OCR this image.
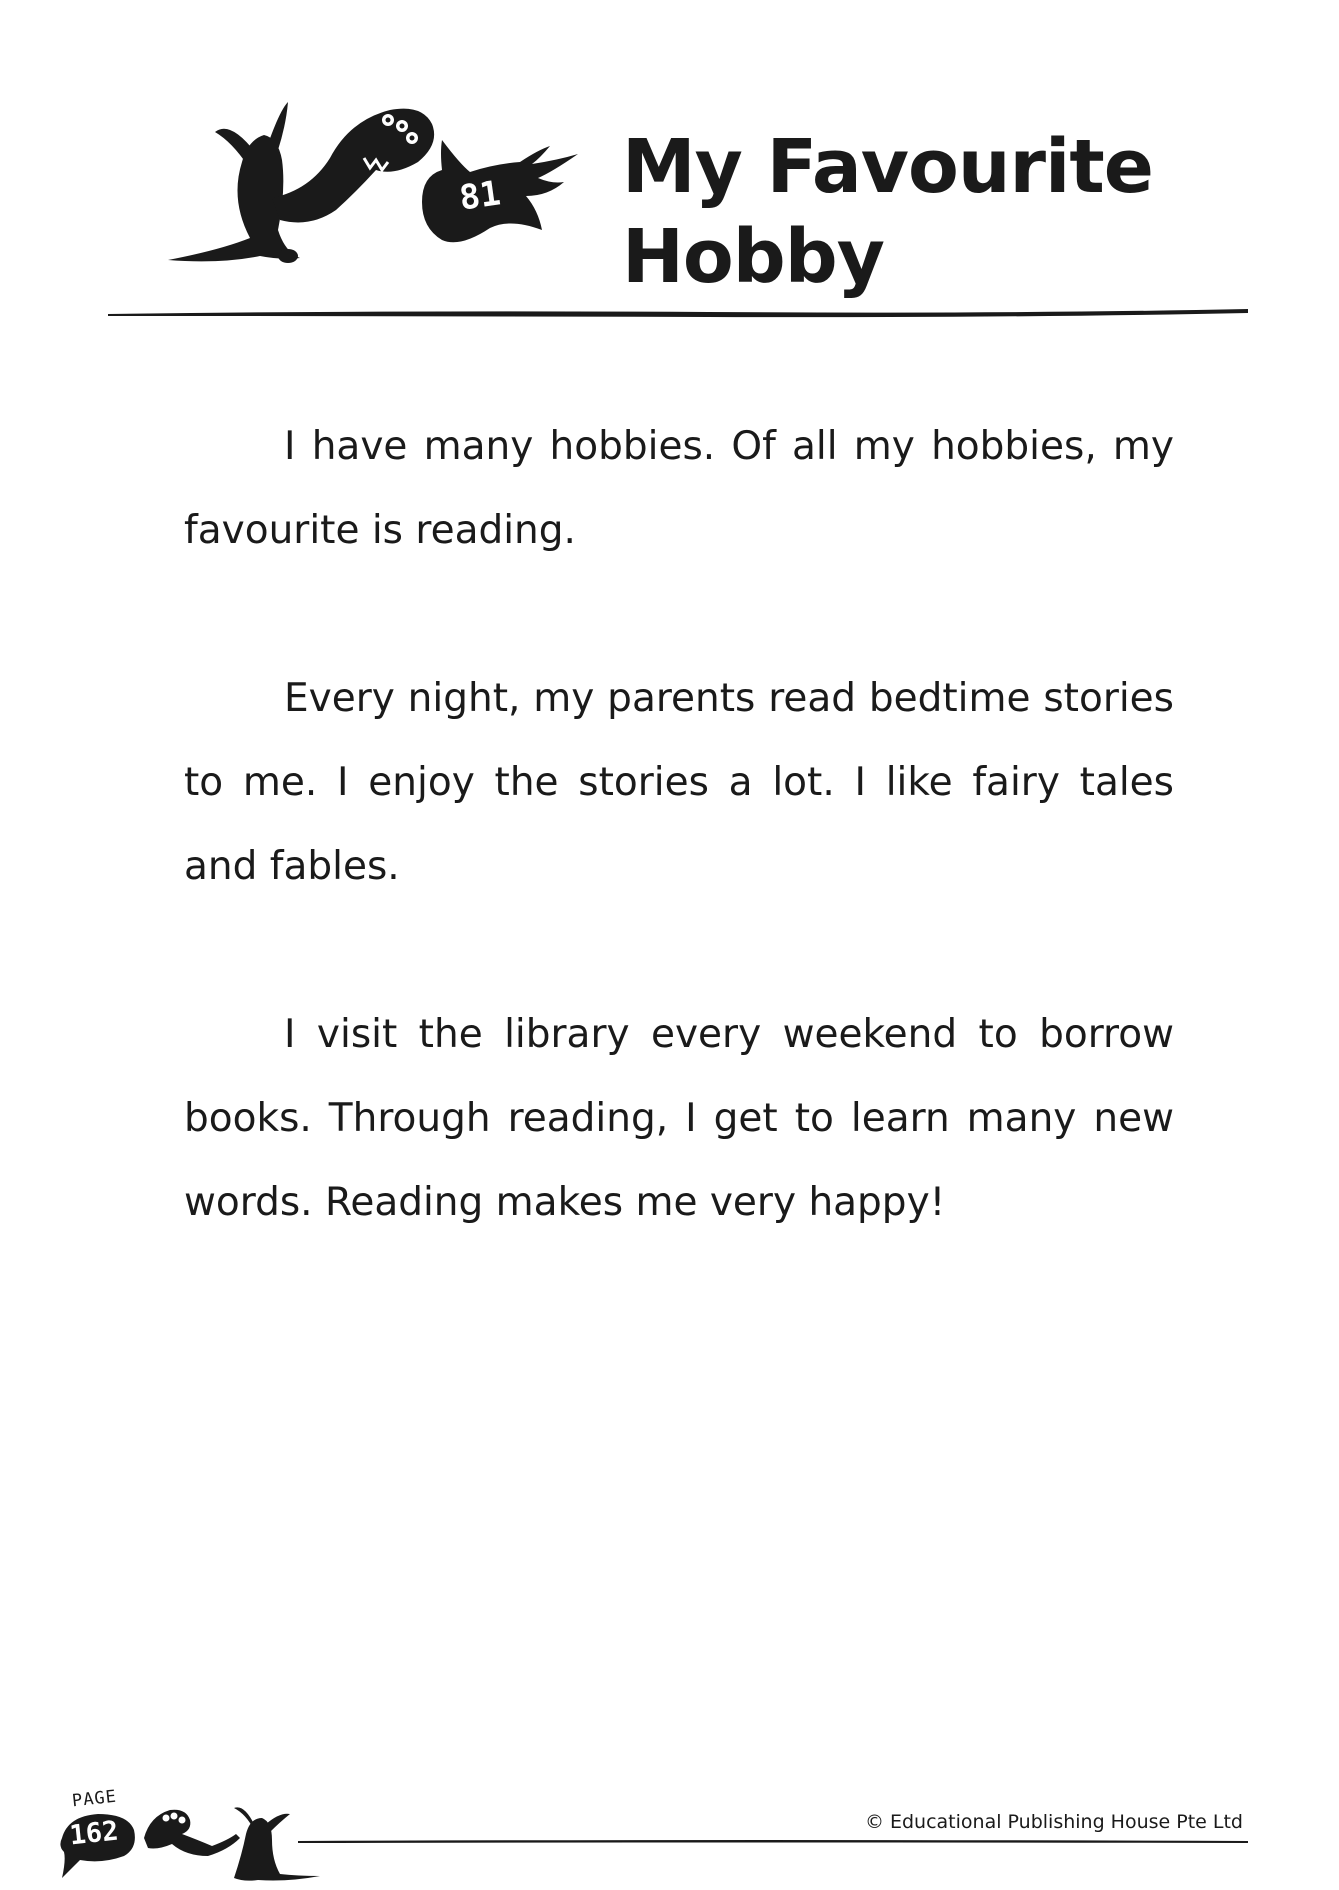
81 My Favourite
Hobby

I have many hobbies. Of all my hobbies, my favourite is reading.

Every night, my parents read bedtime stories to me. I enjoy the stories a lot. I like fairy tales and fables.

I visit the library every weekend to borrow books. Through reading, I get to learn many new words. Reading makes me very happy!

PAGE
162	© Educational Publishing House Pte Ltd
